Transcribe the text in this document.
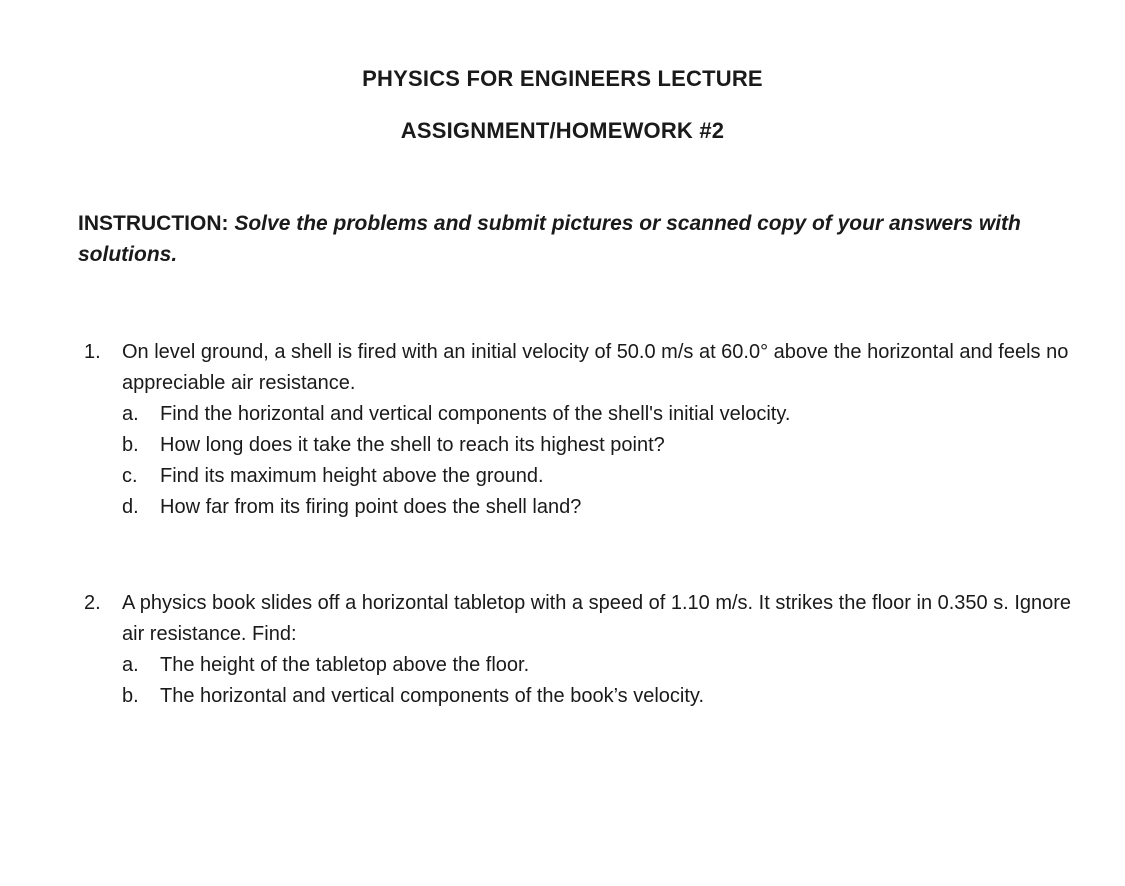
PHYSICS FOR ENGINEERS LECTURE
ASSIGNMENT/HOMEWORK #2
INSTRUCTION: Solve the problems and submit pictures or scanned copy of your answers with solutions.
1. On level ground, a shell is fired with an initial velocity of 50.0 m/s at 60.0° above the horizontal and feels no appreciable air resistance.
a. Find the horizontal and vertical components of the shell's initial velocity.
b. How long does it take the shell to reach its highest point?
c. Find its maximum height above the ground.
d. How far from its firing point does the shell land?
2. A physics book slides off a horizontal tabletop with a speed of 1.10 m/s. It strikes the floor in 0.350 s. Ignore air resistance. Find:
a. The height of the tabletop above the floor.
b. The horizontal and vertical components of the book’s velocity.
